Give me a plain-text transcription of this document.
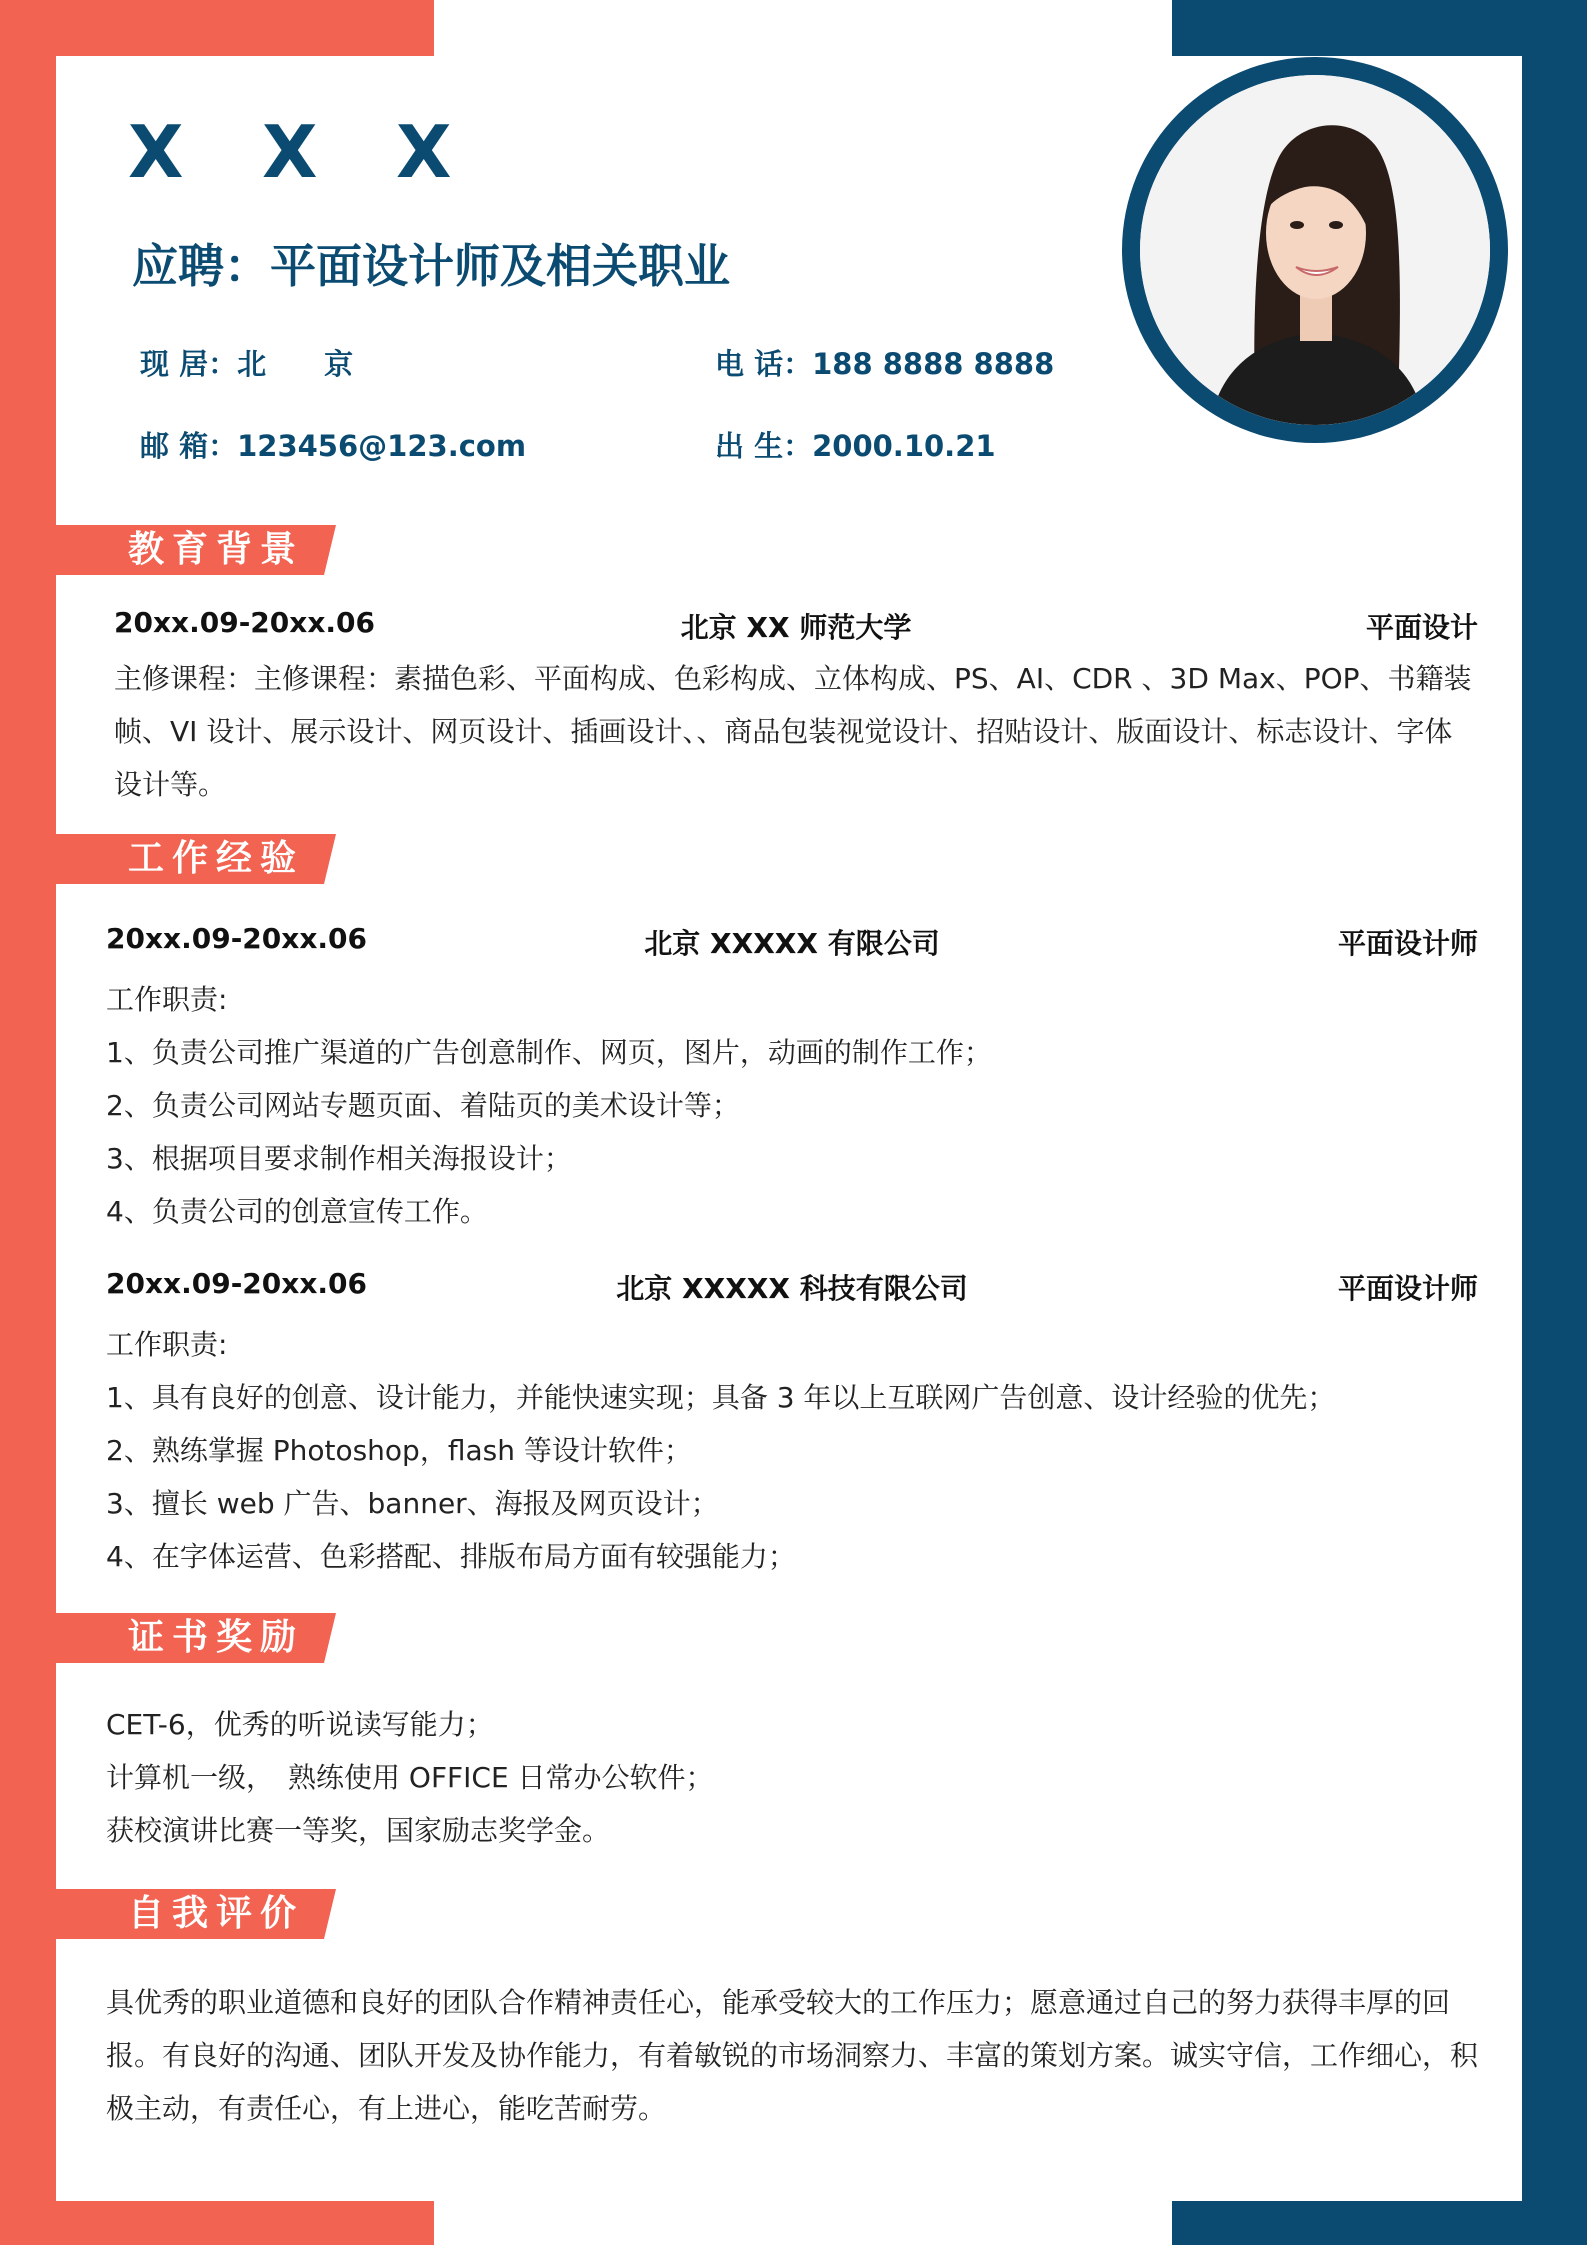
X X X
应聘：平面设计师及相关职业
现 居：北　　京	电 话：188 8888 8888
邮 箱：123456@123.com	出 生：2000.10.21
教育背景
20xx.09-20xx.06	北京 XX 师范大学	平面设计
主修课程：主修课程：素描色彩、平面构成、色彩构成、立体构成、PS、AI、CDR 、3D Max、POP、书籍装帧、VI 设计、展示设计、网页设计、插画设计、、商品包装视觉设计、招贴设计、版面设计、标志设计、字体设计等。
工作经验
20xx.09-20xx.06	北京 XXXXX 有限公司	平面设计师
工作职责:
1、负责公司推广渠道的广告创意制作、网页，图片，动画的制作工作；
2、负责公司网站专题页面、着陆页的美术设计等；
3、根据项目要求制作相关海报设计；
4、负责公司的创意宣传工作。
20xx.09-20xx.06	北京 XXXXX 科技有限公司	平面设计师
工作职责:
1、具有良好的创意、设计能力，并能快速实现；具备 3 年以上互联网广告创意、设计经验的优先；
2、熟练掌握 Photoshop，flash 等设计软件；
3、擅长 web 广告、banner、海报及网页设计；
4、在字体运营、色彩搭配、排版布局方面有较强能力；
证书奖励
CET-6，优秀的听说读写能力；
计算机一级，　熟练使用 OFFICE 日常办公软件；
获校演讲比赛一等奖，国家励志奖学金。
自我评价
具优秀的职业道德和良好的团队合作精神责任心，能承受较大的工作压力；愿意通过自己的努力获得丰厚的回报。有良好的沟通、团队开发及协作能力，有着敏锐的市场洞察力、丰富的策划方案。诚实守信，工作细心，积极主动，有责任心，有上进心，能吃苦耐劳。
